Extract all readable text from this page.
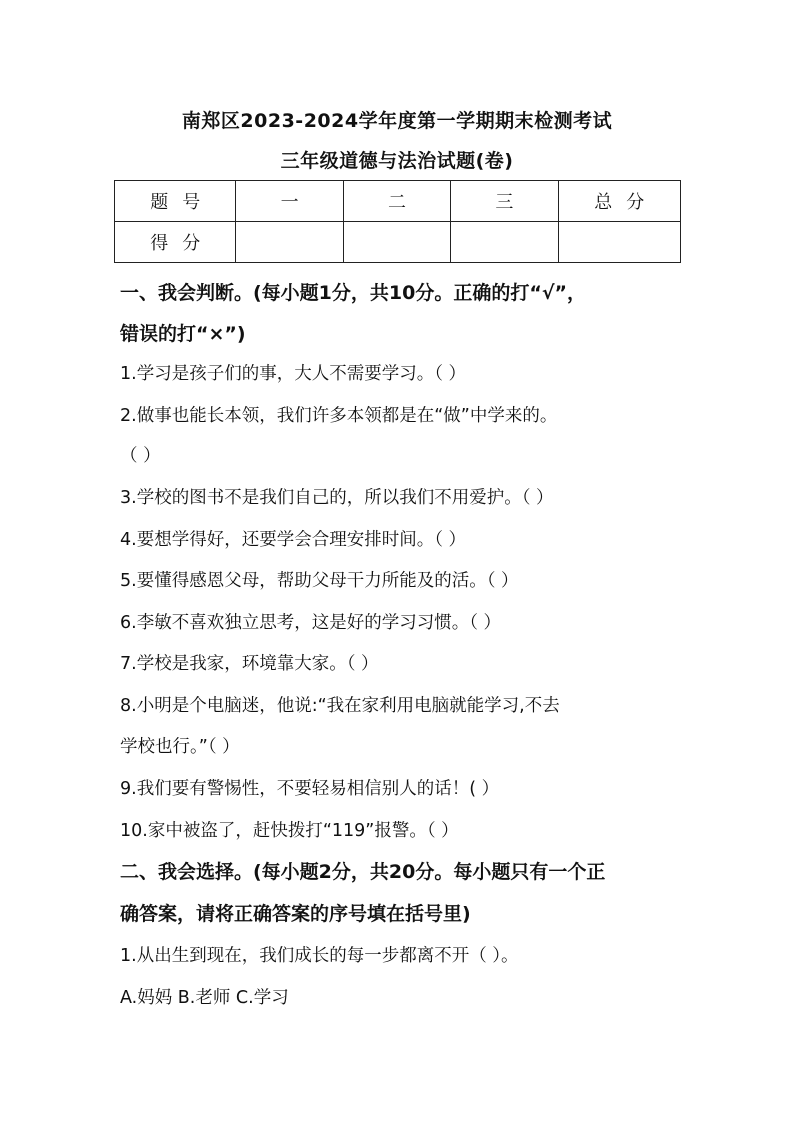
南郑区2023-2024学年度第一学期期末检测考试
三年级道德与法治试题(卷)
题号	一	二	三	总分
得分				
一、我会判断。(每小题1分，共10分。正确的打“√”，
错误的打“×”)
1.学习是孩子们的事，大人不需要学习。（ ）
2.做事也能长本领，我们许多本领都是在“做”中学来的。
（ ）
3.学校的图书不是我们自己的，所以我们不用爱护。（ ）
4.要想学得好，还要学会合理安排时间。（ ）
5.要懂得感恩父母，帮助父母干力所能及的活。（ ）
6.李敏不喜欢独立思考，这是好的学习习惯。（ ）
7.学校是我家，环境靠大家。（ ）
8.小明是个电脑迷，他说:“我在家利用电脑就能学习,不去
学校也行。”（ ）
9.我们要有警惕性，不要轻易相信别人的话！( ）
10.家中被盗了，赶快拨打“119”报警。（ ）
二、我会选择。(每小题2分，共20分。每小题只有一个正
确答案，请将正确答案的序号填在括号里)
1.从出生到现在，我们成长的每一步都离不开（ ）。
A.妈妈 B.老师 C.学习
